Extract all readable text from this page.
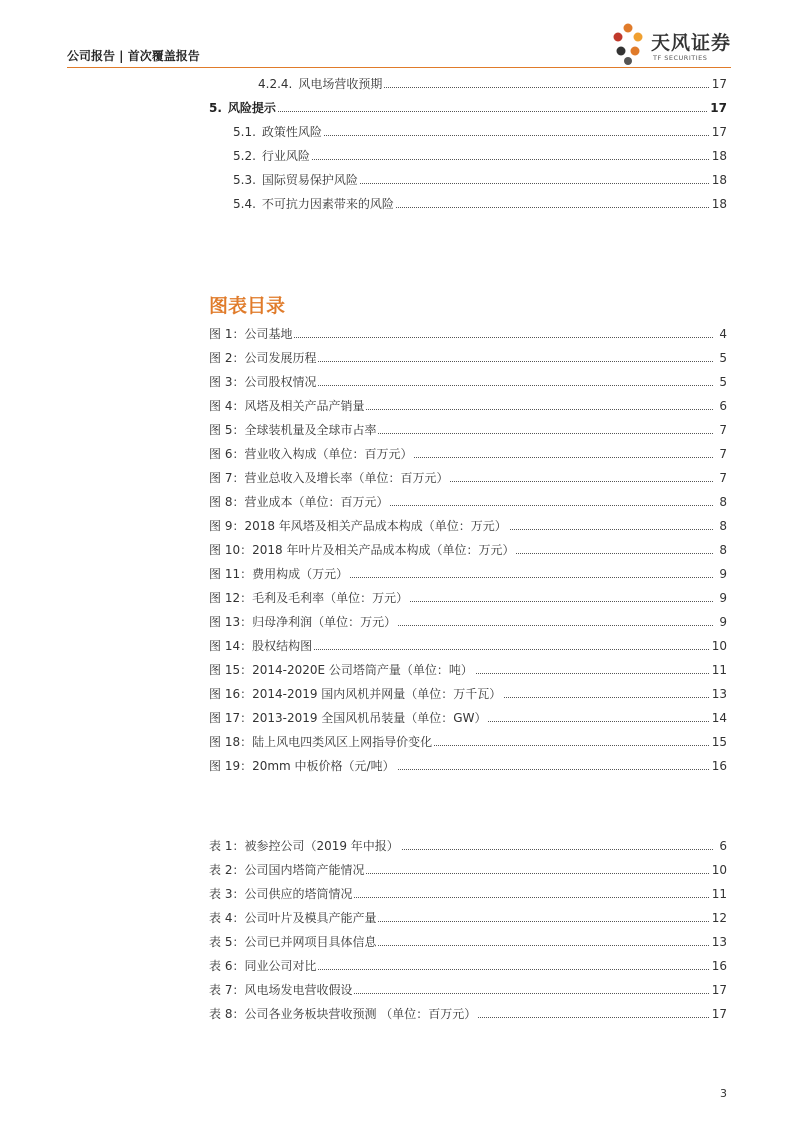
公司报告 | 首次覆盖报告
天风证券
TF SECURITIES
4.2.4. 风电场营收预期	17
5. 风险提示	17
5.1. 政策性风险	17
5.2. 行业风险	18
5.3. 国际贸易保护风险	18
5.4. 不可抗力因素带来的风险	18
图表目录
图 1：公司基地	4
图 2：公司发展历程	5
图 3：公司股权情况	5
图 4：风塔及相关产品产销量	6
图 5：全球装机量及全球市占率	7
图 6：营业收入构成（单位：百万元）	7
图 7：营业总收入及增长率（单位：百万元）	7
图 8：营业成本（单位：百万元）	8
图 9：2018 年风塔及相关产品成本构成（单位：万元）	8
图 10：2018 年叶片及相关产品成本构成（单位：万元）	8
图 11：费用构成（万元）	9
图 12：毛利及毛利率（单位：万元）	9
图 13：归母净利润（单位：万元）	9
图 14：股权结构图	10
图 15：2014-2020E 公司塔筒产量（单位：吨）	11
图 16：2014-2019 国内风机并网量（单位：万千瓦）	13
图 17：2013-2019 全国风机吊装量（单位：GW）	14
图 18：陆上风电四类风区上网指导价变化	15
图 19：20mm 中板价格（元/吨）	16
表 1：被参控公司（2019 年中报）	6
表 2：公司国内塔筒产能情况	10
表 3：公司供应的塔筒情况	11
表 4：公司叶片及模具产能产量	12
表 5：公司已并网项目具体信息	13
表 6：同业公司对比	16
表 7：风电场发电营收假设	17
表 8：公司各业务板块营收预测 （单位：百万元）	17
3
